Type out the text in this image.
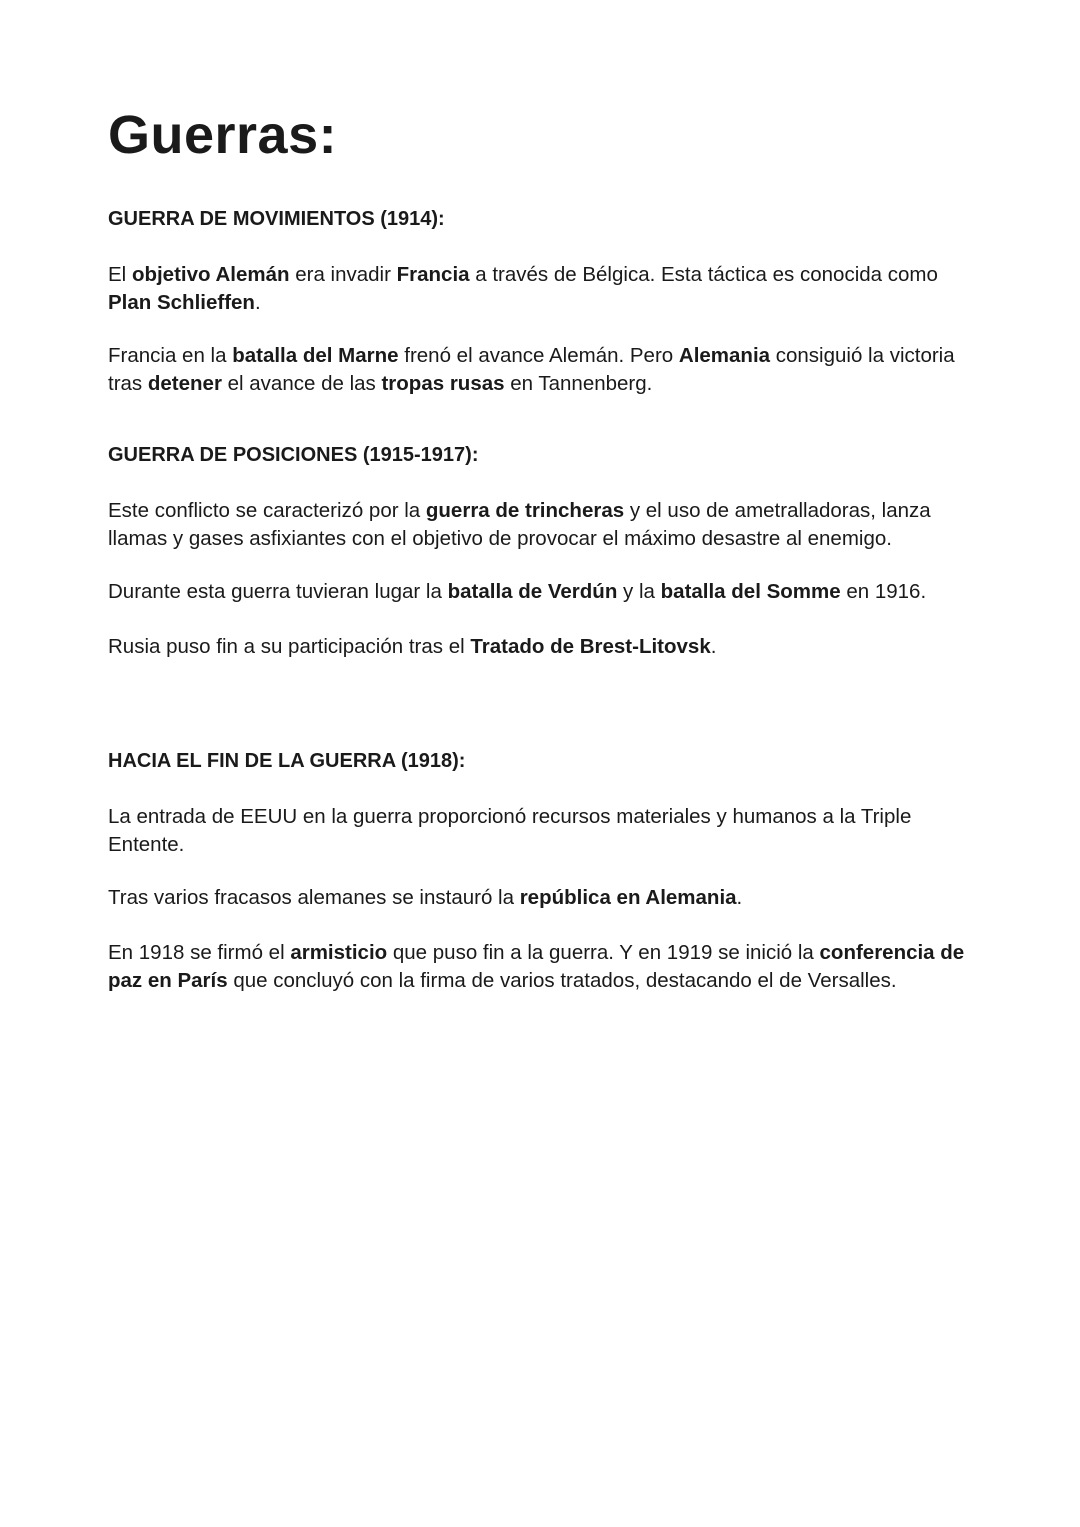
Guerras:
GUERRA DE MOVIMIENTOS (1914):
El objetivo Alemán era invadir Francia a través de Bélgica. Esta táctica es conocida como Plan Schlieffen.
Francia en la batalla del Marne frenó el avance Alemán. Pero Alemania consiguió la victoria tras detener el avance de las tropas rusas en Tannenberg.
GUERRA DE POSICIONES (1915-1917):
Este conflicto se caracterizó por la guerra de trincheras y el uso de ametralladoras, lanza llamas y gases asfixiantes con el objetivo de provocar el máximo desastre al enemigo.
Durante esta guerra tuvieran lugar la batalla de Verdún y la batalla del Somme en 1916.
Rusia puso fin a su participación tras el Tratado de Brest-Litovsk.
HACIA EL FIN DE LA GUERRA (1918):
La entrada de EEUU en la guerra proporcionó recursos materiales y humanos a la Triple Entente.
Tras varios fracasos alemanes se instauró la república en Alemania.
En 1918 se firmó el armisticio que puso fin a la guerra. Y en 1919 se inició la conferencia de paz en París que concluyó con la firma de varios tratados, destacando el de Versalles.
